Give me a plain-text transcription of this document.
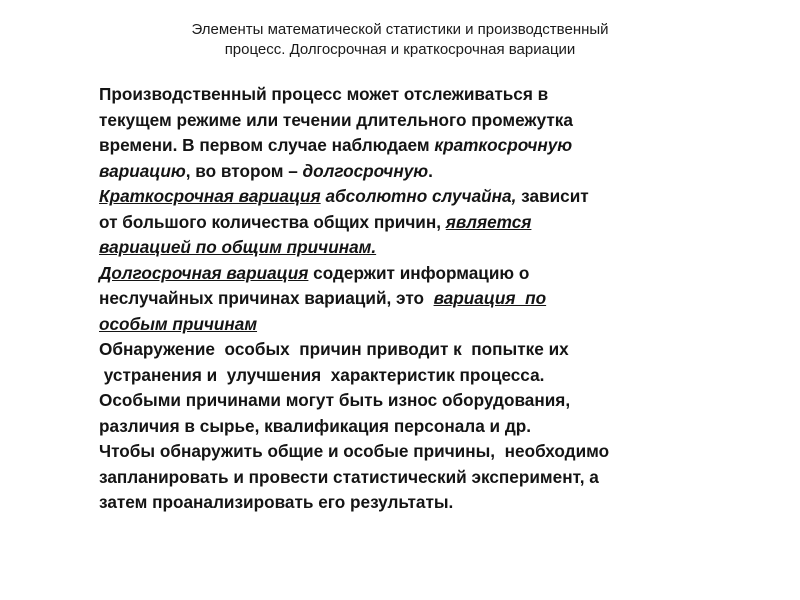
Элементы математической статистики и производственный
процесс. Долгосрочная и краткосрочная вариации
Производственный процесс может отслеживаться в
текущем режиме или течении длительного промежутка
времени. В первом случае наблюдаем краткосрочную
вариацию, во втором – долгосрочную.
Краткосрочная вариация абсолютно случайна, зависит
от большого количества общих причин, является
вариацией по общим причинам.
Долгосрочная вариация содержит информацию о
неслучайных причинах вариаций, это  вариация  по
особым причинам
Обнаружение  особых  причин приводит к  попытке их
устранения и  улучшения  характеристик процесса.
Особыми причинами могут быть износ оборудования,
различия в сырье, квалификация персонала и др.
Чтобы обнаружить общие и особые причины,  необходимо
запланировать и провести статистический эксперимент, а
затем проанализировать его результаты.
